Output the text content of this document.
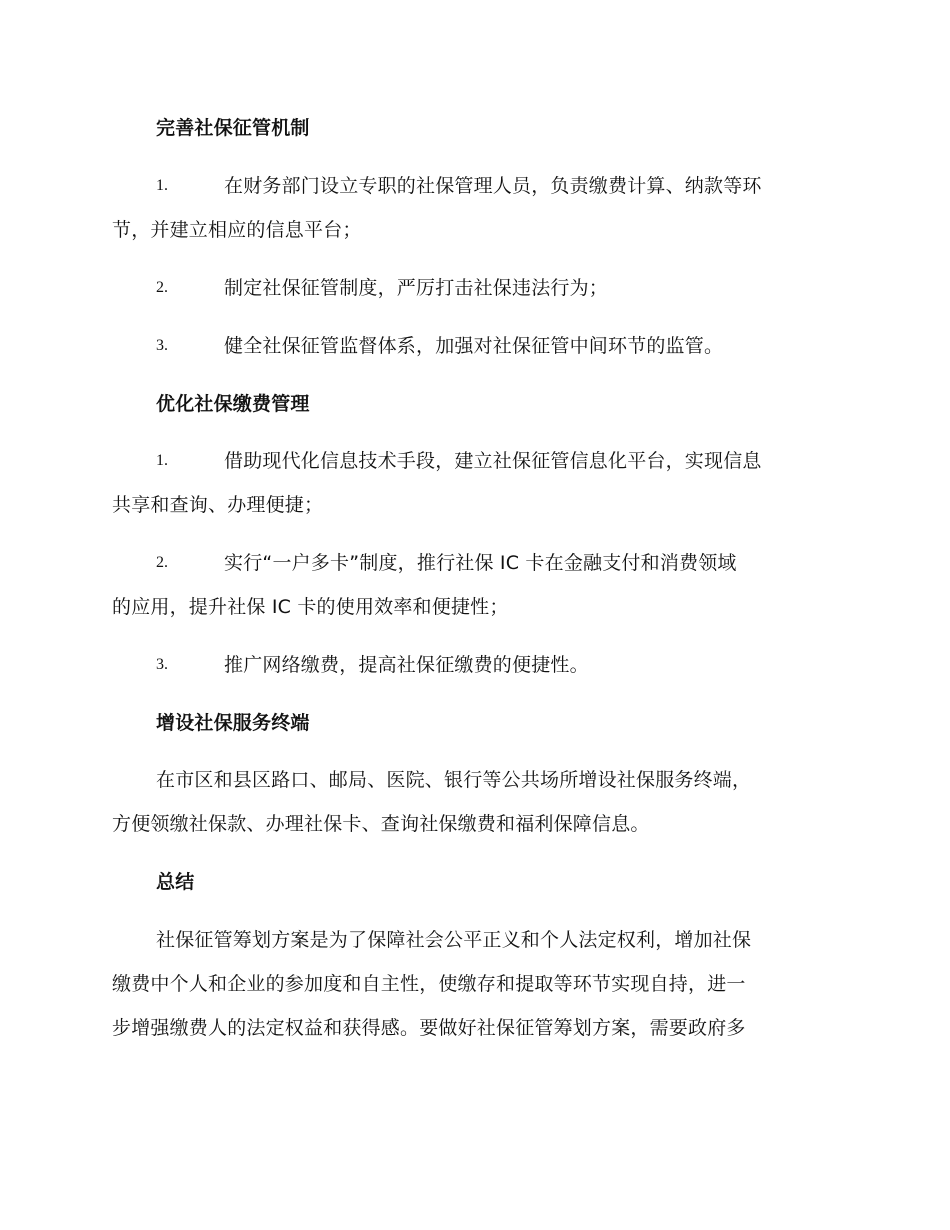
完善社保征管机制
1.	在财务部门设立专职的社保管理人员，负责缴费计算、纳款等环
节，并建立相应的信息平台；
2.	制定社保征管制度，严厉打击社保违法行为；
3.	健全社保征管监督体系，加强对社保征管中间环节的监管。
优化社保缴费管理
1.	借助现代化信息技术手段，建立社保征管信息化平台，实现信息
共享和查询、办理便捷；
2.	实行“一户多卡”制度，推行社保 IC 卡在金融支付和消费领域
的应用，提升社保 IC 卡的使用效率和便捷性；
3.	推广网络缴费，提高社保征缴费的便捷性。
增设社保服务终端
在市区和县区路口、邮局、医院、银行等公共场所增设社保服务终端，
方便领缴社保款、办理社保卡、查询社保缴费和福利保障信息。
总结
社保征管筹划方案是为了保障社会公平正义和个人法定权利，增加社保
缴费中个人和企业的参加度和自主性，使缴存和提取等环节实现自持，进一
步增强缴费人的法定权益和获得感。要做好社保征管筹划方案，需要政府多
